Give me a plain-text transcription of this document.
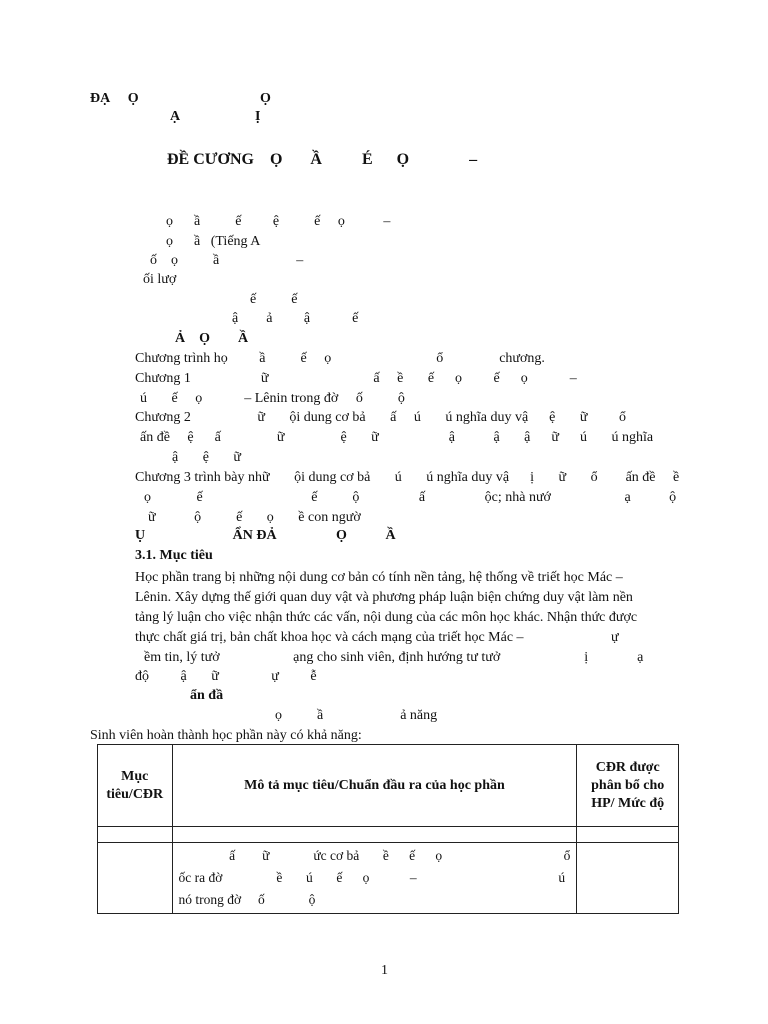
ĐẠ     Ọ	Ọ
Ạ	Ị
ĐỀ CƯƠNG    Ọ       Ầ          É      Ọ               –
ọ      ầ          ế         ệ          ế     ọ           –
ọ      ầ   (Tiếng A
ố    ọ          ầ                      –
ối lượ
ế          ế
ậ        ả         ậ            ế
Ả    Ọ        Ầ
Chương trình họ         ầ          ế     ọ                              ổ                chương.
Chương 1                    ữ                              ấ     ề       ế      ọ         ế      ọ            –
ú       ế     ọ            – Lênin trong đờ     ố          ộ
Chương 2                   ữ       ội dung cơ bả       ấ     ú       ú nghĩa duy vậ      ệ       ữ         ổ
ấn đề     ệ      ấ                ữ                ệ       ữ                    ậ           ậ       ậ      ữ      ú       ú nghĩa
ậ       ệ       ữ
Chương 3 trình bày nhữ       ội dung cơ bả       ú       ú nghĩa duy vậ      ị       ữ       ổ        ấn đề     ề
ọ             ế                               ế          ộ                 ấ                 ộc; nhà nướ                     ạ           ộ
ữ           ộ          ế       ọ       ề con ngườ
Ụ                         ẨN ĐẢ                 Ọ           Ầ
3.1. Mục tiêu
Học phần trang bị những nội dung cơ bản có tính nền tảng, hệ thống về triết học Mác –
Lênin. Xây dựng thế giới quan duy vật và phương pháp luận biện chứng duy vật làm nền
tảng lý luận cho việc nhận thức các vấn, nội dung của các môn học khác. Nhận thức được
thực chất giá trị, bản chất khoa học và cách mạng của triết học Mác –                         ự
ềm tin, lý tưở                     ạng cho sinh viên, định hướng tư tưở                        ị              ạ
độ         ậ       ữ               ự         ễ
ẩn đầ
ọ          ầ                      ả năng
Sinh viên hoàn thành học phần này có khả năng:
Mục
tiêu/CĐR	Mô tả mục tiêu/Chuẩn đầu ra của học phần	CĐR được
phân bổ cho
HP/ Mức độ

	ấ        ữ             ức cơ bả       ề      ế      ọ                                    ổ
ốc ra đờ                ề       ú       ế      ọ            –                                          ú
nó trong đờ     ố             ộ	

1
